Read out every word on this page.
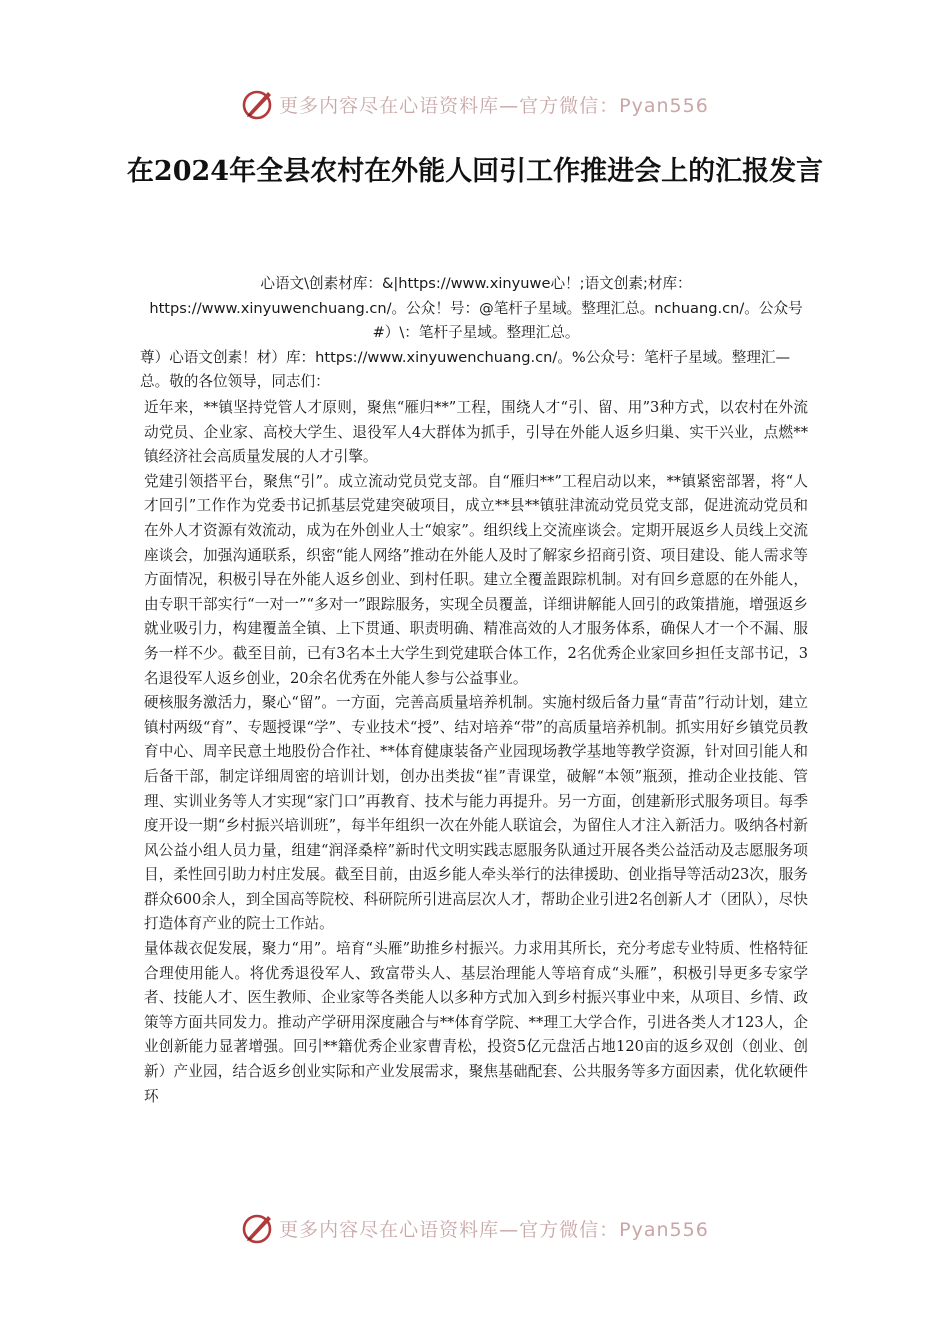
更多内容尽在心语资料库—官方微信：Pyan556
在2024年全县农村在外能人回引工作推进会上的汇报发言
心语文\创素材库：&|https://www.xinyuwe心！;语文创素;材库：https://www.xinyuwenchuang.cn/。公众！号：@笔杆子星域。整理汇总。nchuang.cn/。公众号#）\：笔杆子星域。整理汇总。
尊）心语文创素！材）库：https://www.xinyuwenchuang.cn/。%公众号：笔杆子星域。整理汇—总。敬的各位领导，同志们：

近年来，**镇坚持党管人才原则，聚焦“雁归**”工程，围绕人才“引、留、用”3种方式，以农村在外流动党员、企业家、高校大学生、退役军人4大群体为抓手，引导在外能人返乡归巢、实干兴业，点燃**镇经济社会高质量发展的人才引擎。

党建引领搭平台，聚焦“引”。成立流动党员党支部。自“雁归**”工程启动以来，**镇紧密部署，将“人才回引”工作作为党委书记抓基层党建突破项目，成立**县**镇驻津流动党员党支部，促进流动党员和在外人才资源有效流动，成为在外创业人士“娘家”。组织线上交流座谈会。定期开展返乡人员线上交流座谈会，加强沟通联系，织密“能人网络”推动在外能人及时了解家乡招商引资、项目建设、能人需求等方面情况，积极引导在外能人返乡创业、到村任职。建立全覆盖跟踪机制。对有回乡意愿的在外能人，由专职干部实行“一对一”“多对一”跟踪服务，实现全员覆盖，详细讲解能人回引的政策措施，增强返乡就业吸引力，构建覆盖全镇、上下贯通、职责明确、精准高效的人才服务体系，确保人才一个不漏、服务一样不少。截至目前，已有3名本土大学生到党建联合体工作，2名优秀企业家回乡担任支部书记，3名退役军人返乡创业，20余名优秀在外能人参与公益事业。

硬核服务激活力，聚心“留”。一方面，完善高质量培养机制。实施村级后备力量“青苗”行动计划，建立镇村两级“育”、专题授课“学”、专业技术“授”、结对培养“带”的高质量培养机制。抓实用好乡镇党员教育中心、周辛民意土地股份合作社、**体育健康装备产业园现场教学基地等教学资源，针对回引能人和后备干部，制定详细周密的培训计划，创办出类拔“崔”青课堂，破解“本领”瓶颈，推动企业技能、管理、实训业务等人才实现“家门口”再教育、技术与能力再提升。另一方面，创建新形式服务项目。每季度开设一期“乡村振兴培训班”，每半年组织一次在外能人联谊会，为留住人才注入新活力。吸纳各村新风公益小组人员力量，组建“润泽桑梓”新时代文明实践志愿服务队通过开展各类公益活动及志愿服务项目，柔性回引助力村庄发展。截至目前，由返乡能人牵头举行的法律援助、创业指导等活动23次，服务群众600余人，到全国高等院校、科研院所引进高层次人才，帮助企业引进2名创新人才（团队），尽快打造体育产业的院士工作站。

量体裁衣促发展，聚力“用”。培育“头雁”助推乡村振兴。力求用其所长，充分考虑专业特质、性格特征合理使用能人。将优秀退役军人、致富带头人、基层治理能人等培育成“头雁”，积极引导更多专家学者、技能人才、医生教师、企业家等各类能人以多种方式加入到乡村振兴事业中来，从项目、乡情、政策等方面共同发力。推动产学研用深度融合与**体育学院、**理工大学合作，引进各类人才123人，企业创新能力显著增强。回引**籍优秀企业家曹青松，投资5亿元盘活占地120亩的返乡双创（创业、创新）产业园，结合返乡创业实际和产业发展需求，聚焦基础配套、公共服务等多方面因素，优化软硬件环

更多内容尽在心语资料库—官方微信：Pyan556
